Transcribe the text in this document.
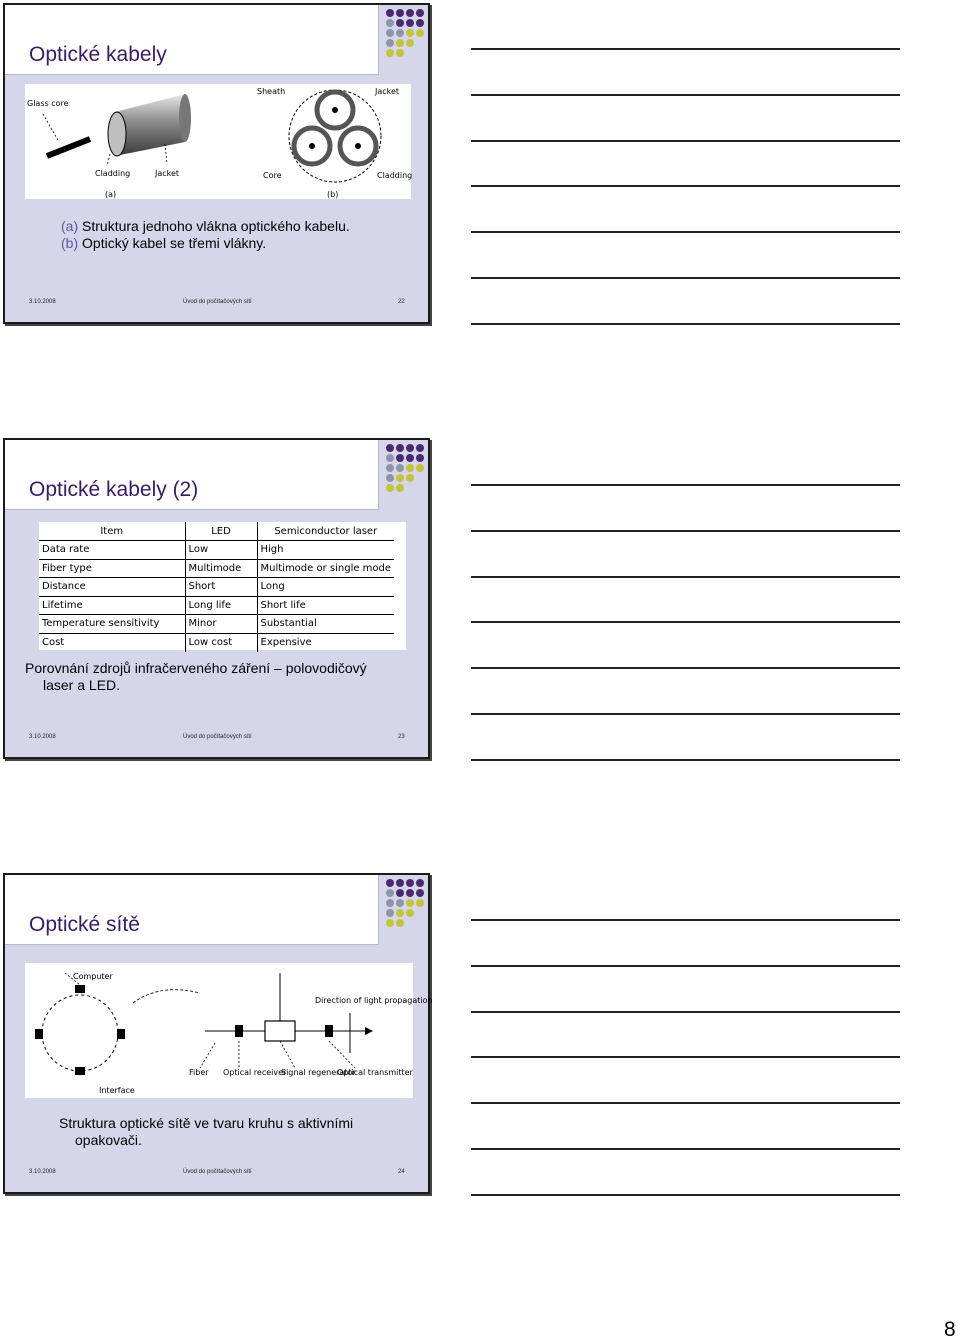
Optické kabely
Glass core
Cladding	Jacket
(a)
Sheath	Jacket
Core	Cladding
(b)
(a) Struktura jednoho vlákna optického kabelu.
(b) Optický kabel se třemi vlákny.
3.10.2008	Úvod do počítačových sítí	22
Optické kabely (2)
Item	LED	Semiconductor laser
Data rate	Low	High
Fiber type	Multimode	Multimode or single mode
Distance	Short	Long
Lifetime	Long life	Short life
Temperature sensitivity	Minor	Substantial
Cost	Low cost	Expensive
Porovnání zdrojů infračerveného záření – polovodičový laser a LED.
3.10.2008	Úvod do počítačových sítí	23
Optické sítě
Computer
Interface
Fiber Optical receiver
Signal regenerator
Optical transmitter
Direction of light propagation
Struktura optické sítě ve tvaru kruhu s aktivními opakovači.
3.10.2008	Úvod do počítačových sítí	24
8
